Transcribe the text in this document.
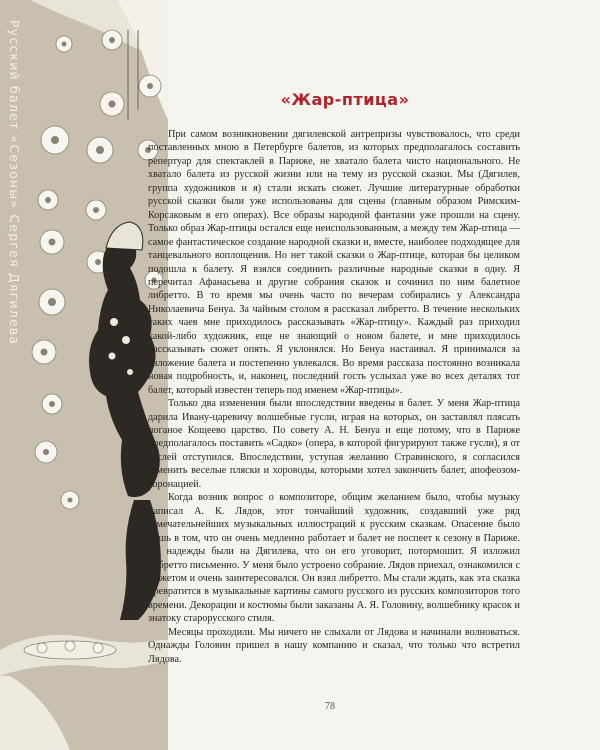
Русский балет «Сезоны» Сергея Дягилева	«Жар-птица»

При самом возникновении дягилевской антрепризы чувствовалось, что среди поставленных мною в Петербурге балетов, из которых предполагалось составить репертуар для спектаклей в Париже, не хватало балета чисто национального. Не хватало балета из русской жизни или на тему из русской сказки. Мы (Дягилев, группа художников и я) стали искать сюжет. Лучшие литературные обработки русской сказки были уже использованы для сцены (главным образом Римским-Корсаковым в его операх). Все образы народной фантазии уже прошли на сцену. Только образ Жар-птицы остался еще неиспользованным, а между тем Жар-птица — самое фантастическое создание народной сказки и, вместе, наиболее подходящее для танцевального воплощения. Но нет такой сказки о Жар-птице, которая бы целиком подошла к балету. Я взялся соединить различные народные сказки в одну. Я перечитал Афанасьева и другие собрания сказок и сочинил по ним балетное либретто. В то время мы очень часто по вечерам собирались у Александра Николаевича Бенуа. За чайным столом я рассказал либретто. В течение нескольких таких чаев мне приходилось рассказывать «Жар-птицу». Каждый раз приходил какой-либо художник, еще не знающий о новом балете, и мне приходилось рассказывать сюжет опять. Я уклонялся. Но Бенуа настаивал. Я принимался за изложение балета и постепенно увлекался. Во время рассказа постоянно возникала новая подробность, и, наконец, последний гость услыхал уже во всех деталях тот балет, который известен теперь под именем «Жар-птицы».

Только два изменения были впоследствии введены в балет. У меня Жар-птица дарила Ивану-царевичу волшебные гусли, играя на которых, он заставлял плясать поганое Кощеево царство. По совету А. Н. Бенуа и еще потому, что в Париже предполагалось поставить «Садко» (опера, в которой фигурируют также гусли), я от гуслей отступился. Впоследствии, уступая желанию Стравинского, я согласился заменить веселые пляски и хороводы, которыми хотел закончить балет, апофеозом-коронацией.

Когда возник вопрос о композиторе, общим желанием было, чтобы музыку написал А. К. Лядов, этот тончайший художник, создавший уже ряд замечательнейших музыкальных иллюстраций к русским сказкам. Опасение было лишь в том, что он очень медленно работает и балет не поспеет к сезону в Париже. Но надежды были на Дягилева, что он его уговорит, потормошит. Я изложил либретто письменно. У меня было устроено собрание. Лядов приехал, ознакомился с сюжетом и очень заинтересовался. Он взял либретто. Мы стали ждать, как эта сказка превратится в музыкальные картины самого русского из русских композиторов того времени. Декорации и костюмы были заказаны А. Я. Головину, волшебнику красок и знатоку старорусского стиля.

Месяцы проходили. Мы ничего не слыхали от Лядова и начинали волноваться. Однажды Головин пришел в нашу компанию и сказал, что только что встретил Лядова.

78
